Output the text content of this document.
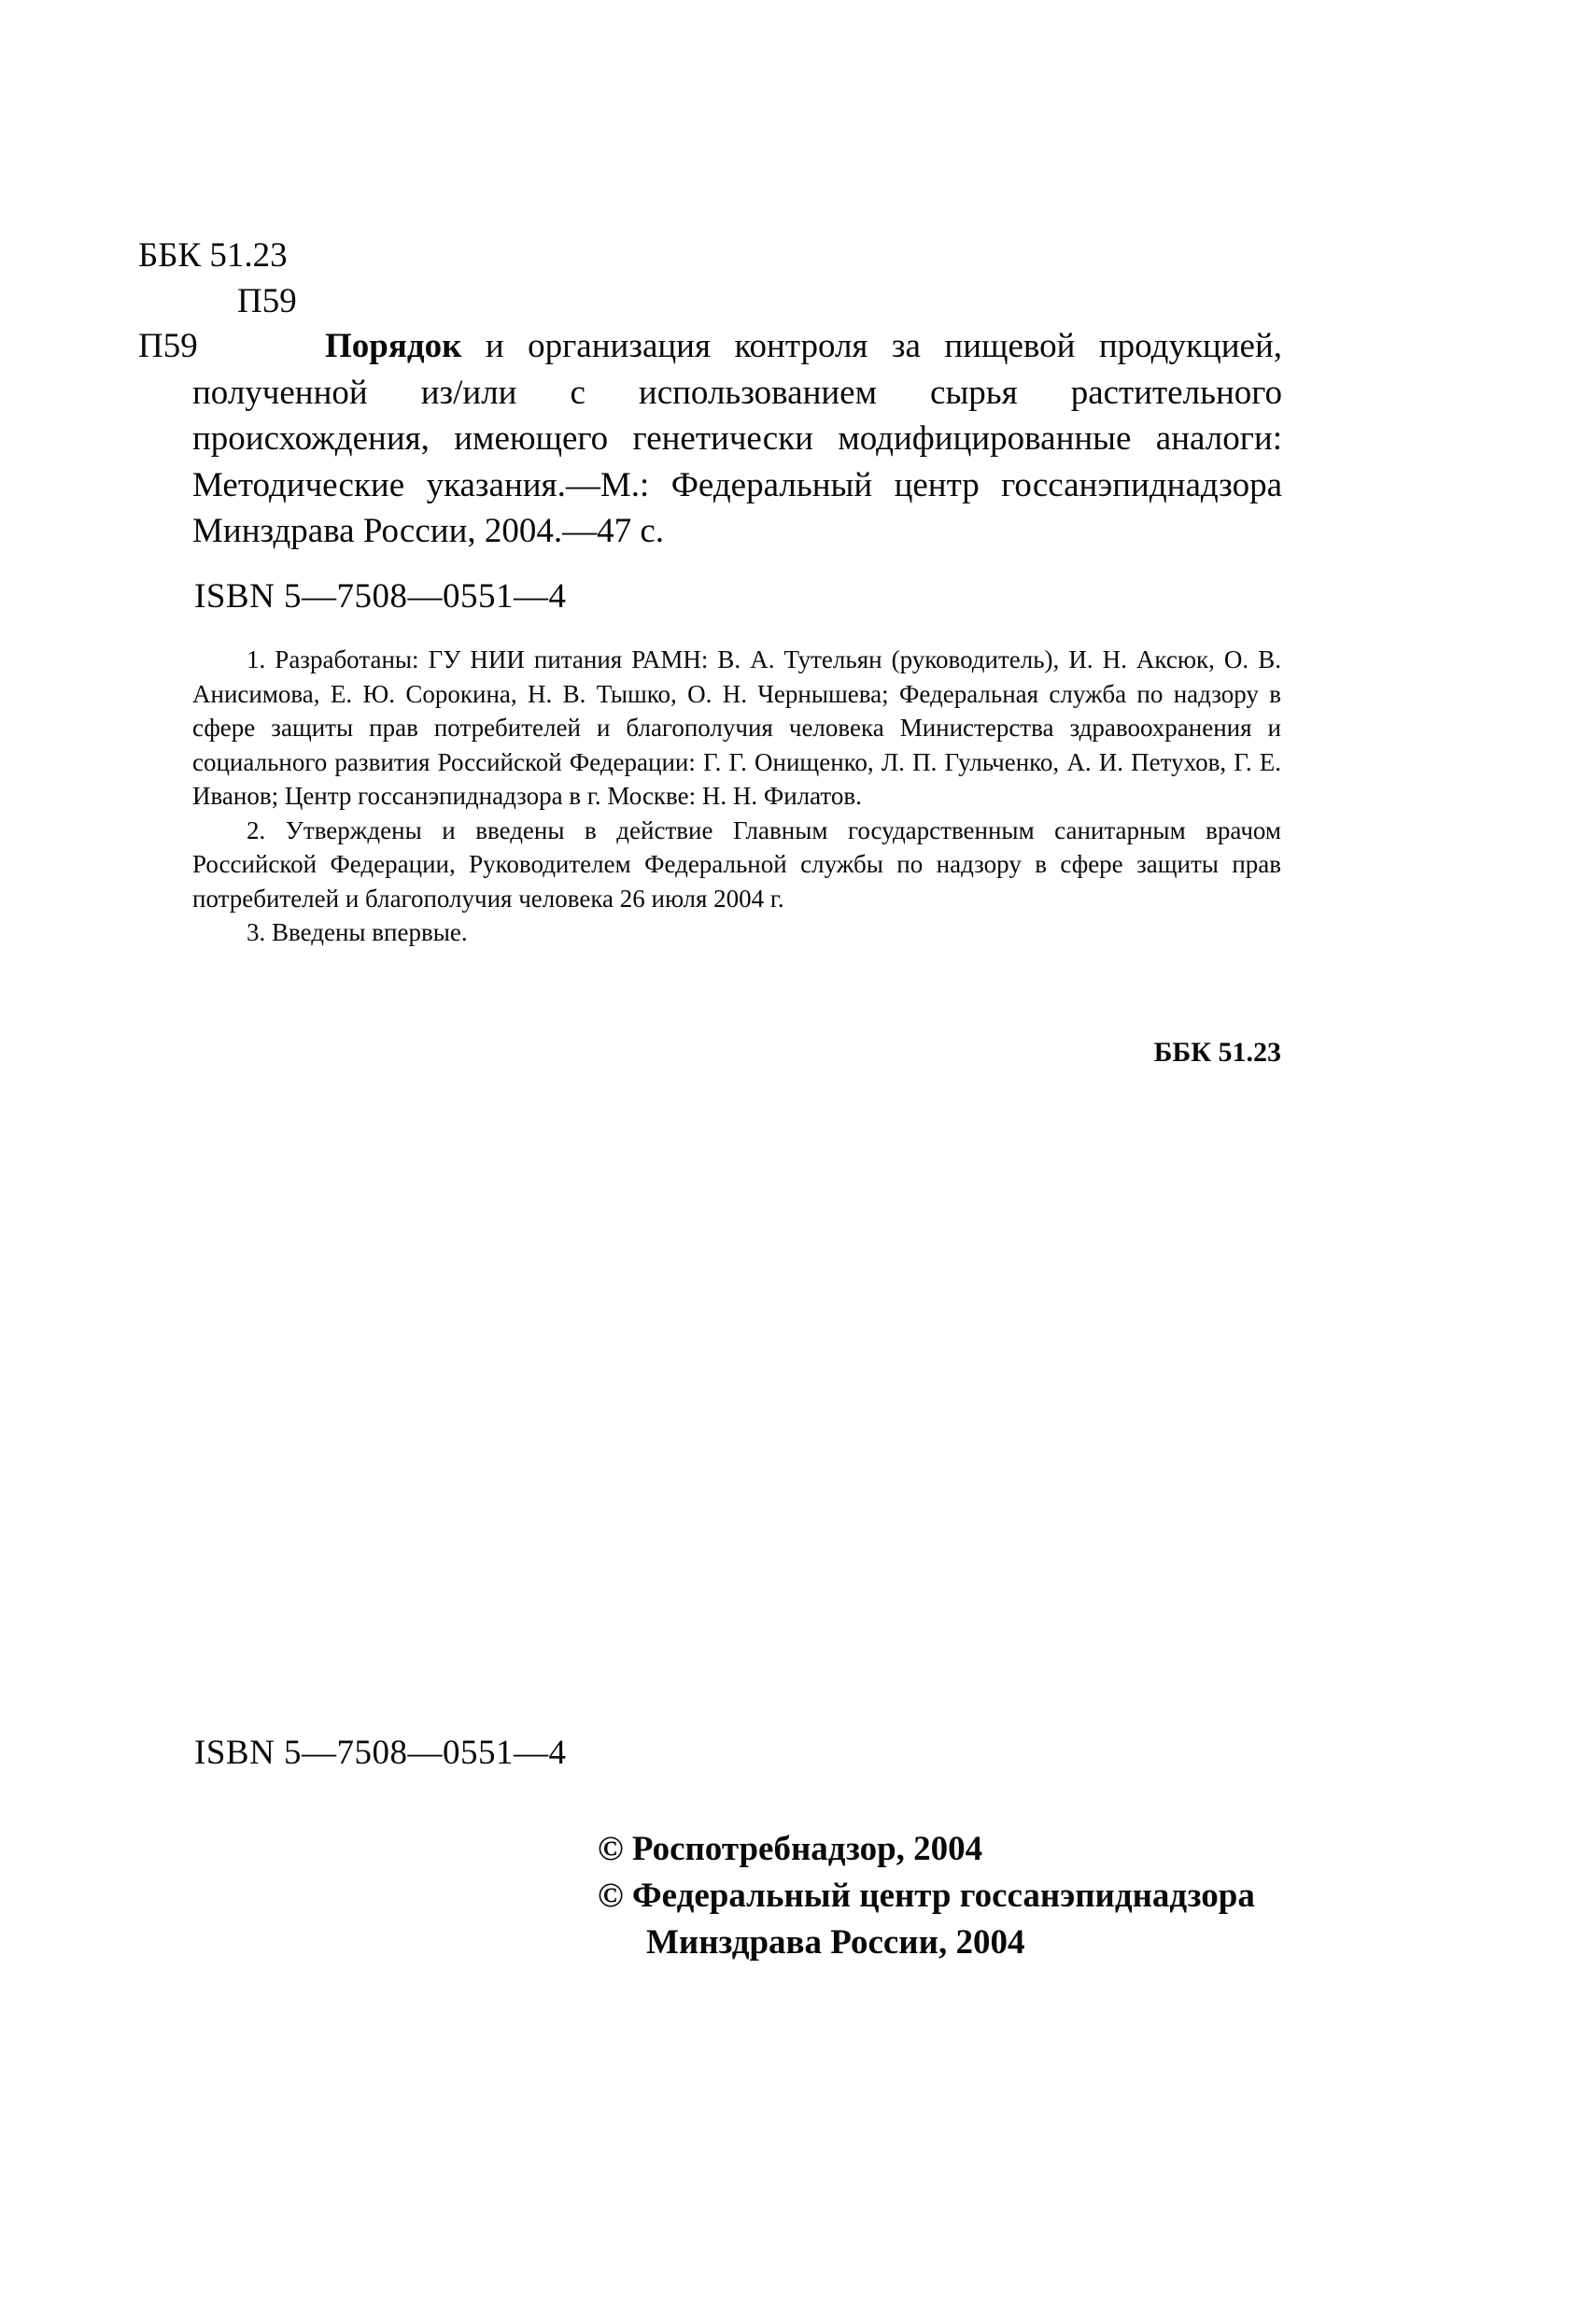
ББК 51.23
П59
П59	Порядок и организация контроля за пищевой продукцией, полученной из/или с использованием сырья растительного происхождения, имеющего генетически модифицированные аналоги: Методические указания.—М.: Федеральный центр госсанэпиднадзора Минздрава России, 2004.—47 с.
ISBN 5—7508—0551—4

1. Разработаны: ГУ НИИ питания РАМН: В. А. Тутельян (руководитель), И. Н. Аксюк, О. В. Анисимова, Е. Ю. Сорокина, Н. В. Тышко, О. Н. Чернышева; Федеральная служба по надзору в сфере защиты прав потребителей и благополучия человека Министерства здравоохранения и социального развития Российской Федерации: Г. Г. Онищенко, Л. П. Гульченко, А. И. Петухов, Г. Е. Иванов; Центр госсанэпиднадзора в г. Москве: Н. Н. Филатов.

2. Утверждены и введены в действие Главным государственным санитарным врачом Российской Федерации, Руководителем Федеральной службы по надзору в сфере защиты прав потребителей и благополучия человека 26 июля 2004 г.

3. Введены впервые.

ББК 51.23
ISBN 5—7508—0551—4
© Роспотребнадзор, 2004
© Федеральный центр госсанэпиднадзора
Минздрава России, 2004
